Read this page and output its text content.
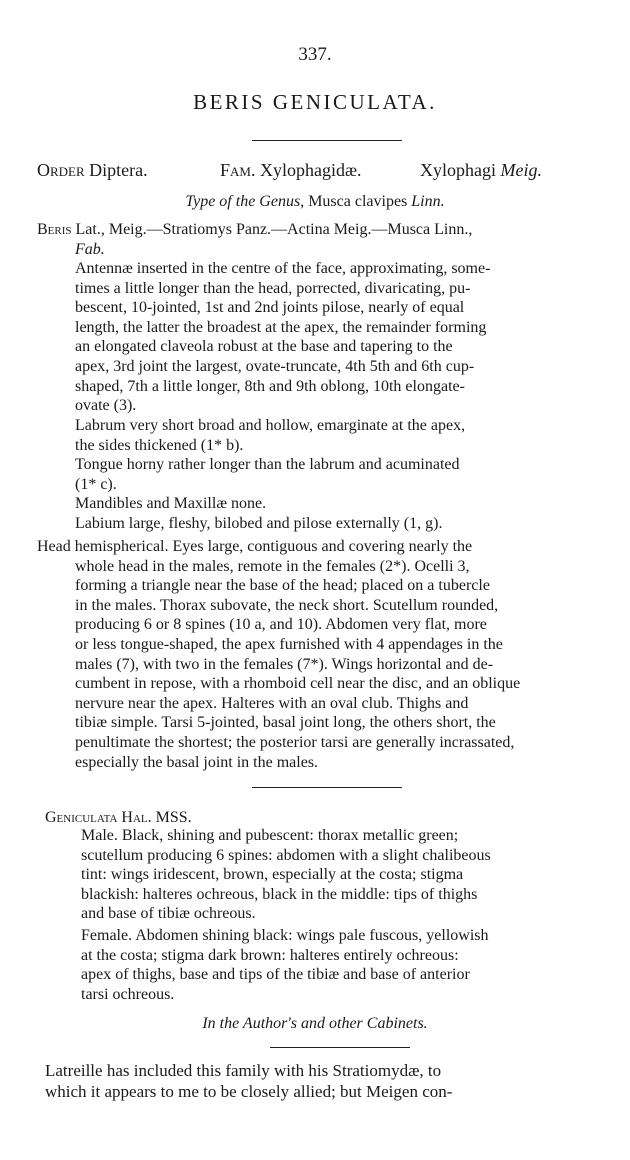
337.
BERIS GENICULATA.
Order Diptera.	Fam. Xylophagidæ.	Xylophagi Meig.
Type of the Genus, Musca clavipes Linn.
Beris Lat., Meig.—Stratiomys Panz.—Actina Meig.—Musca Linn.,
Fab.
Antennæ inserted in the centre of the face, approximating, some-
times a little longer than the head, porrected, divaricating, pu-
bescent, 10-jointed, 1st and 2nd joints pilose, nearly of equal
length, the latter the broadest at the apex, the remainder forming
an elongated claveola robust at the base and tapering to the
apex, 3rd joint the largest, ovate-truncate, 4th 5th and 6th cup-
shaped, 7th a little longer, 8th and 9th oblong, 10th elongate-
ovate (3).
Labrum very short broad and hollow, emarginate at the apex,
the sides thickened (1* b).
Tongue horny rather longer than the labrum and acuminated
(1* c).
Mandibles and Maxillæ none.
Labium large, fleshy, bilobed and pilose externally (1, g).
Head hemispherical. Eyes large, contiguous and covering nearly the
whole head in the males, remote in the females (2*). Ocelli 3,
forming a triangle near the base of the head; placed on a tubercle
in the males. Thorax subovate, the neck short. Scutellum rounded,
producing 6 or 8 spines (10 a, and 10). Abdomen very flat, more
or less tongue-shaped, the apex furnished with 4 appendages in the
males (7), with two in the females (7*). Wings horizontal and de-
cumbent in repose, with a rhomboid cell near the disc, and an oblique
nervure near the apex. Halteres with an oval club. Thighs and
tibiæ simple. Tarsi 5-jointed, basal joint long, the others short, the
penultimate the shortest; the posterior tarsi are generally incrassated,
especially the basal joint in the males.
Geniculata Hal. MSS.
Male. Black, shining and pubescent: thorax metallic green;
scutellum producing 6 spines: abdomen with a slight chalibeous
tint: wings iridescent, brown, especially at the costa; stigma
blackish: halteres ochreous, black in the middle: tips of thighs
and base of tibiæ ochreous.
Female. Abdomen shining black: wings pale fuscous, yellowish
at the costa; stigma dark brown: halteres entirely ochreous:
apex of thighs, base and tips of the tibiæ and base of anterior
tarsi ochreous.
In the Author's and other Cabinets.
Latreille has included this family with his Stratiomydæ, to
which it appears to me to be closely allied; but Meigen con-
